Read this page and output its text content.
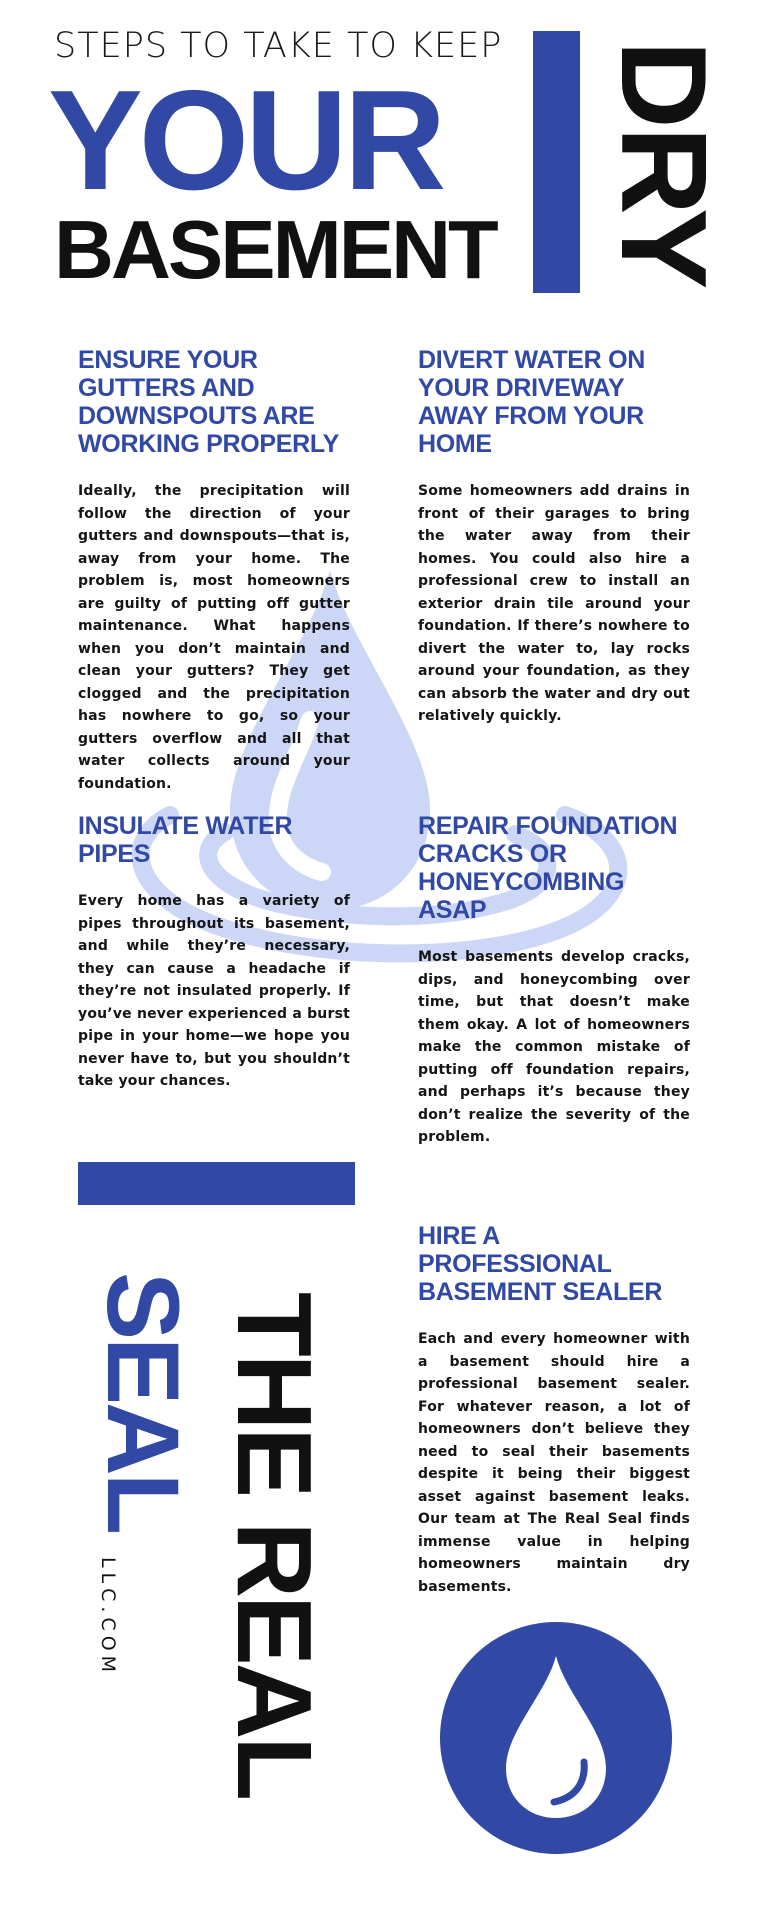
STEPS TO TAKE TO KEEP
YOUR
BASEMENT DRY
ENSURE YOUR GUTTERS AND DOWNSPOUTS ARE WORKING PROPERLY

Ideally, the precipitation will follow the direction of your gutters and downspouts—that is, away from your home. The problem is, most homeowners are guilty of putting off gutter maintenance. What happens when you don’t maintain and clean your gutters? They get clogged and the precipitation has nowhere to go, so your gutters overflow and all that water collects around your foundation.

DIVERT WATER ON YOUR DRIVEWAY AWAY FROM YOUR HOME

Some homeowners add drains in front of their garages to bring the water away from their homes. You could also hire a professional crew to install an exterior drain tile around your foundation. If there’s nowhere to divert the water to, lay rocks around your foundation, as they can absorb the water and dry out relatively quickly.

INSULATE WATER PIPES

Every home has a variety of pipes throughout its basement, and while they’re necessary, they can cause a headache if they’re not insulated properly. If you’ve never experienced a burst pipe in your home—we hope you never have to, but you shouldn’t take your chances.

REPAIR FOUNDATION CRACKS OR HONEYCOMBING ASAP

Most basements develop cracks, dips, and honeycombing over time, but that doesn’t make them okay. A lot of homeowners make the common mistake of putting off foundation repairs, and perhaps it’s because they don’t realize the severity of the problem.

HIRE A PROFESSIONAL BASEMENT SEALER

Each and every homeowner with a basement should hire a professional basement sealer. For whatever reason, a lot of homeowners don’t believe they need to seal their basements despite it being their biggest asset against basement leaks. Our team at The Real Seal finds immense value in helping homeowners maintain dry basements.

THE REAL
SEAL
LLC.COM
